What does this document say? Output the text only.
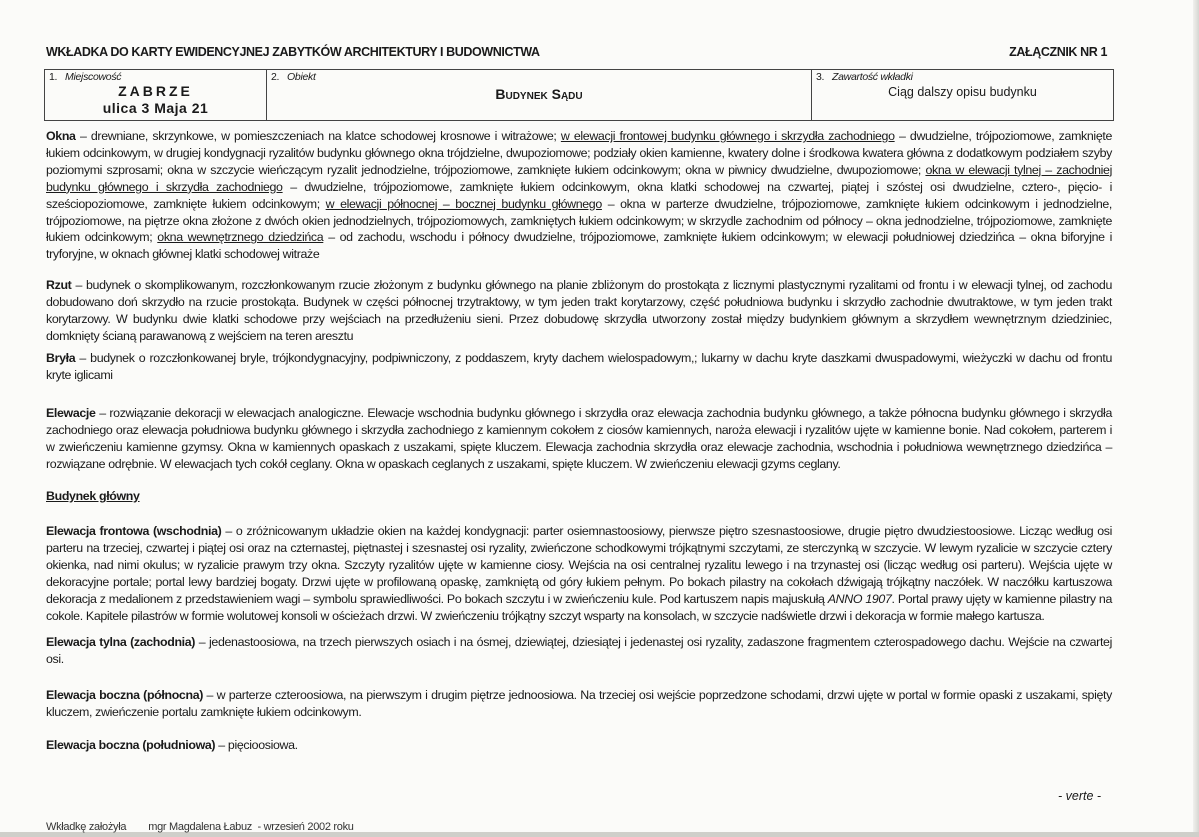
WKŁADKA DO KARTY EWIDENCYJNEJ ZABYTKÓW ARCHITEKTURY I BUDOWNICTWA	ZAŁĄCZNIK NR 1
1. Miejscowość
ZABRZE
ulica 3 Maja 21

2. Obiekt
Budynek Sądu

3. Zawartość wkładki
Ciąg dalszy opisu budynku

Okna – drewniane, skrzynkowe, w pomieszczeniach na klatce schodowej krosnowe i witrażowe; w elewacji frontowej budynku głównego i skrzydła zachodniego – dwudzielne, trójpoziomowe, zamknięte łukiem odcinkowym, w drugiej kondygnacji ryzalitów budynku głównego okna trójdzielne, dwupoziomowe; podziały okien kamienne, kwatery dolne i środkowa kwatera główna z dodatkowym podziałem szyby poziomymi szprosami; okna w szczycie wieńczącym ryzalit jednodzielne, trójpoziomowe, zamknięte łukiem odcinkowym; okna w piwnicy dwudzielne, dwupoziomowe; okna w elewacji tylnej – zachodniej budynku głównego i skrzydła zachodniego – dwudzielne, trójpoziomowe, zamknięte łukiem odcinkowym, okna klatki schodowej na czwartej, piątej i szóstej osi dwudzielne, cztero-, pięcio- i sześciopoziomowe, zamknięte łukiem odcinkowym; w elewacji północnej – bocznej budynku głównego – okna w parterze dwudzielne, trójpoziomowe, zamknięte łukiem odcinkowym i jednodzielne, trójpoziomowe, na piętrze okna złożone z dwóch okien jednodzielnych, trójpoziomowych, zamkniętych łukiem odcinkowym; w skrzydle zachodnim od północy – okna jednodzielne, trójpoziomowe, zamknięte łukiem odcinkowym; okna wewnętrznego dziedzińca – od zachodu, wschodu i północy dwudzielne, trójpoziomowe, zamknięte łukiem odcinkowym; w elewacji południowej dziedzińca – okna biforyjne i tryforyjne, w oknach głównej klatki schodowej witraże

Rzut – budynek o skomplikowanym, rozczłonkowanym rzucie złożonym z budynku głównego na planie zbliżonym do prostokąta z licznymi plastycznymi ryzalitami od frontu i w elewacji tylnej, od zachodu dobudowano doń skrzydło na rzucie prostokąta. Budynek w części północnej trzytraktowy, w tym jeden trakt korytarzowy, część południowa budynku i skrzydło zachodnie dwutraktowe, w tym jeden trakt korytarzowy. W budynku dwie klatki schodowe przy wejściach na przedłużeniu sieni. Przez dobudowę skrzydła utworzony został między budynkiem głównym a skrzydłem wewnętrznym dziedziniec, domknięty ścianą parawanową z wejściem na teren aresztu

Bryła – budynek o rozczłonkowanej bryle, trójkondygnacyjny, podpiwniczony, z poddaszem, kryty dachem wielospadowym,; lukarny w dachu kryte daszkami dwuspadowymi, wieżyczki w dachu od frontu kryte iglicami

Elewacje – rozwiązanie dekoracji w elewacjach analogiczne. Elewacje wschodnia budynku głównego i skrzydła oraz elewacja zachodnia budynku głównego, a także północna budynku głównego i skrzydła zachodniego oraz elewacja południowa budynku głównego i skrzydła zachodniego z kamiennym cokołem z ciosów kamiennych, naroża elewacji i ryzalitów ujęte w kamienne bonie. Nad cokołem, parterem i w zwieńczeniu kamienne gzymsy. Okna w kamiennych opaskach z uszakami, spięte kluczem. Elewacja zachodnia skrzydła oraz elewacje zachodnia, wschodnia i południowa wewnętrznego dziedzińca – rozwiązane odrębnie. W elewacjach tych cokół ceglany. Okna w opaskach ceglanych z uszakami, spięte kluczem. W zwieńczeniu elewacji gzyms ceglany.

Budynek główny

Elewacja frontowa (wschodnia) – o zróżnicowanym układzie okien na każdej kondygnacji: parter osiemnastoosiowy, pierwsze piętro szesnastoosiowe, drugie piętro dwudziestoosiowe. Licząc według osi parteru na trzeciej, czwartej i piątej osi oraz na czternastej, piętnastej i szesnastej osi ryzality, zwieńczone schodkowymi trójkątnymi szczytami, ze sterczynką w szczycie. W lewym ryzalicie w szczycie cztery okienka, nad nimi okulus; w ryzalicie prawym trzy okna. Szczyty ryzalitów ujęte w kamienne ciosy. Wejścia na osi centralnej ryzalitu lewego i na trzynastej osi (licząc według osi parteru). Wejścia ujęte w dekoracyjne portale; portal lewy bardziej bogaty. Drzwi ujęte w profilowaną opaskę, zamkniętą od góry łukiem pełnym. Po bokach pilastry na cokołach dźwigają trójkątny naczółek. W naczółku kartuszowa dekoracja z medalionem z przedstawieniem wagi – symbolu sprawiedliwości. Po bokach szczytu i w zwieńczeniu kule. Pod kartuszem napis majuskułą ANNO 1907. Portal prawy ujęty w kamienne pilastry na cokole. Kapitele pilastrów w formie wolutowej konsoli w ościeżach drzwi. W zwieńczeniu trójkątny szczyt wsparty na konsolach, w szczycie nadświetle drzwi i dekoracja w formie małego kartusza.

Elewacja tylna (zachodnia) – jedenastoosiowa, na trzech pierwszych osiach i na ósmej, dziewiątej, dziesiątej i jedenastej osi ryzality, zadaszone fragmentem czterospadowego dachu. Wejście na czwartej osi.

Elewacja boczna (północna) – w parterze czteroosiowa, na pierwszym i drugim piętrze jednoosiowa. Na trzeciej osi wejście poprzedzone schodami, drzwi ujęte w portal w formie opaski z uszakami, spięty kluczem, zwieńczenie portalu zamknięte łukiem odcinkowym.

Elewacja boczna (południowa) – pięcioosiowa.

- verte -
Wkładkę założyła        mgr Magdalena Łabuz  - wrzesień 2002 roku
